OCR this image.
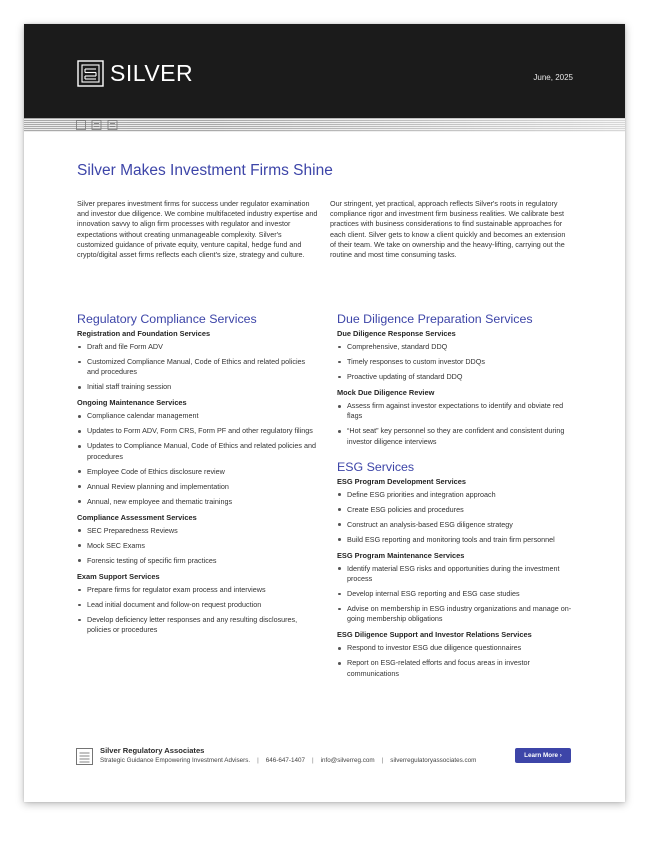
SILVER	June, 2025
Silver Makes Investment Firms Shine

Silver prepares investment firms for success under regulator examination and investor due diligence. We combine multifaceted industry expertise and innovation savvy to align firm processes with regulator and investor expectations without creating unmanageable complexity. Silver's customized guidance of private equity, venture capital, hedge fund and crypto/digital asset firms reflects each client's size, strategy and culture.

Our stringent, yet practical, approach reflects Silver's roots in regulatory compliance rigor and investment firm business realities. We calibrate best practices with business considerations to find sustainable approaches for each client. Silver gets to know a client quickly and becomes an extension of their team. We take on ownership and the heavy-lifting, carrying out the routine and most time consuming tasks.

Regulatory Compliance Services
Registration and Foundation Services
Draft and file Form ADV
Customized Compliance Manual, Code of Ethics and related policies and procedures
Initial staff training session
Ongoing Maintenance Services
Compliance calendar management
Updates to Form ADV, Form CRS, Form PF and other regulatory filings
Updates to Compliance Manual, Code of Ethics and related policies and procedures
Employee Code of Ethics disclosure review
Annual Review planning and implementation
Annual, new employee and thematic trainings
Compliance Assessment Services
SEC Preparedness Reviews
Mock SEC Exams
Forensic testing of specific firm practices
Exam Support Services
Prepare firms for regulator exam process and interviews
Lead initial document and follow-on request production
Develop deficiency letter responses and any resulting disclosures, policies or procedures
Due Diligence Preparation Services
Due Diligence Response Services
Comprehensive, standard DDQ
Timely responses to custom investor DDQs
Proactive updating of standard DDQ
Mock Due Diligence Review
Assess firm against investor expectations to identify and obviate red flags
“Hot seat” key personnel so they are confident and consistent during investor diligence interviews
ESG Services
ESG Program Development Services
Define ESG priorities and integration approach
Create ESG policies and procedures
Construct an analysis-based ESG diligence strategy
Build ESG reporting and monitoring tools and train firm personnel
ESG Program Maintenance Services
Identify material ESG risks and opportunities during the investment process
Develop internal ESG reporting and ESG case studies
Advise on membership in ESG industry organizations and manage on-going membership obligations
ESG Diligence Support and Investor Relations Services
Respond to investor ESG due diligence questionnaires
Report on ESG-related efforts and focus areas in investor communications
Silver Regulatory Associates
Strategic Guidance Empowering Investment Advisers. | 646-647-1407 | info@silverreg.com | silverregulatoryassociates.com
Learn More ›
